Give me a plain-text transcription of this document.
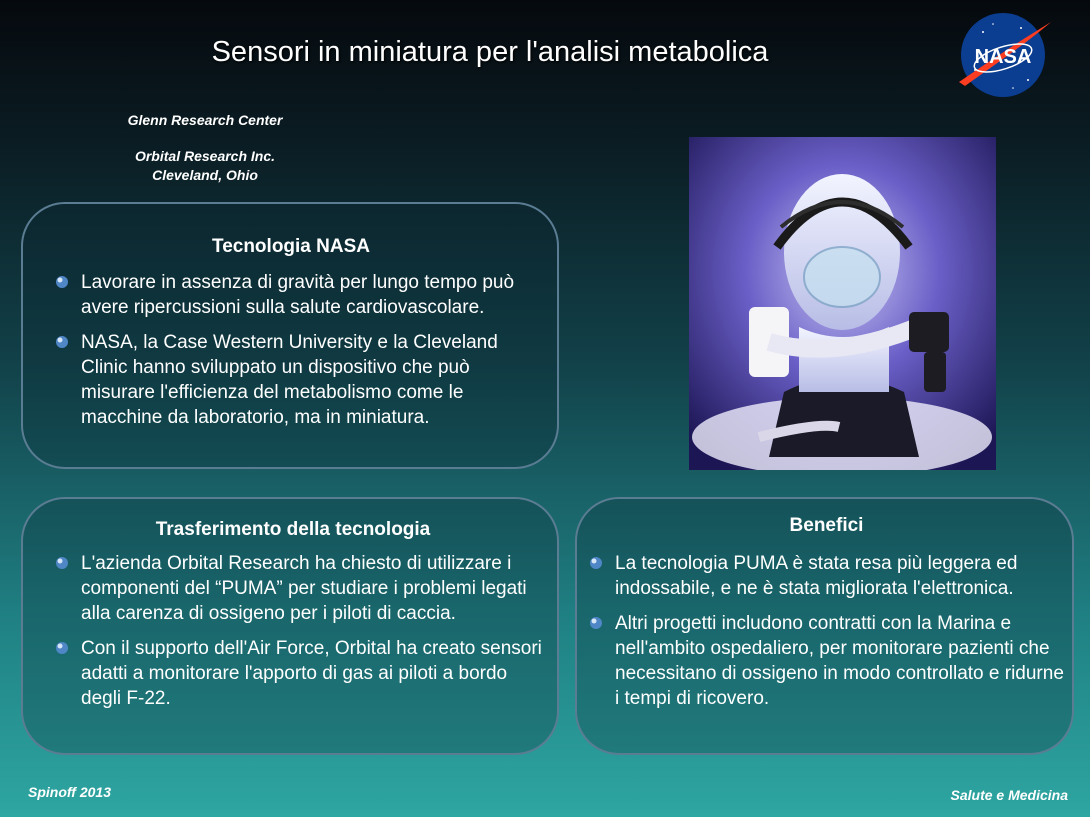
Sensori in miniatura per l'analisi metabolica	NASA
Glenn Research Center
Orbital Research Inc.
Cleveland, Ohio
Tecnologia NASA
Lavorare in assenza di gravità per lungo tempo può avere ripercussioni sulla salute cardiovascolare.
NASA, la Case Western University e la Cleveland Clinic hanno sviluppato un dispositivo che può misurare l'efficienza del metabolismo come le macchine da laboratorio, ma in miniatura.
Trasferimento della tecnologia
L'azienda Orbital Research ha chiesto di utilizzare i componenti del “PUMA” per studiare i problemi legati alla carenza di ossigeno per i piloti di caccia.
Con il supporto dell'Air Force, Orbital ha creato sensori adatti a monitorare l'apporto di gas ai piloti a bordo degli F-22.
Benefici
La tecnologia PUMA è stata resa più leggera ed indossabile, e ne è stata migliorata l'elettronica.
Altri progetti includono contratti con la Marina e nell'ambito ospedaliero, per monitorare pazienti che necessitano di ossigeno in modo controllato e ridurne i tempi di ricovero.
Spinoff 2013	Salute e Medicina
